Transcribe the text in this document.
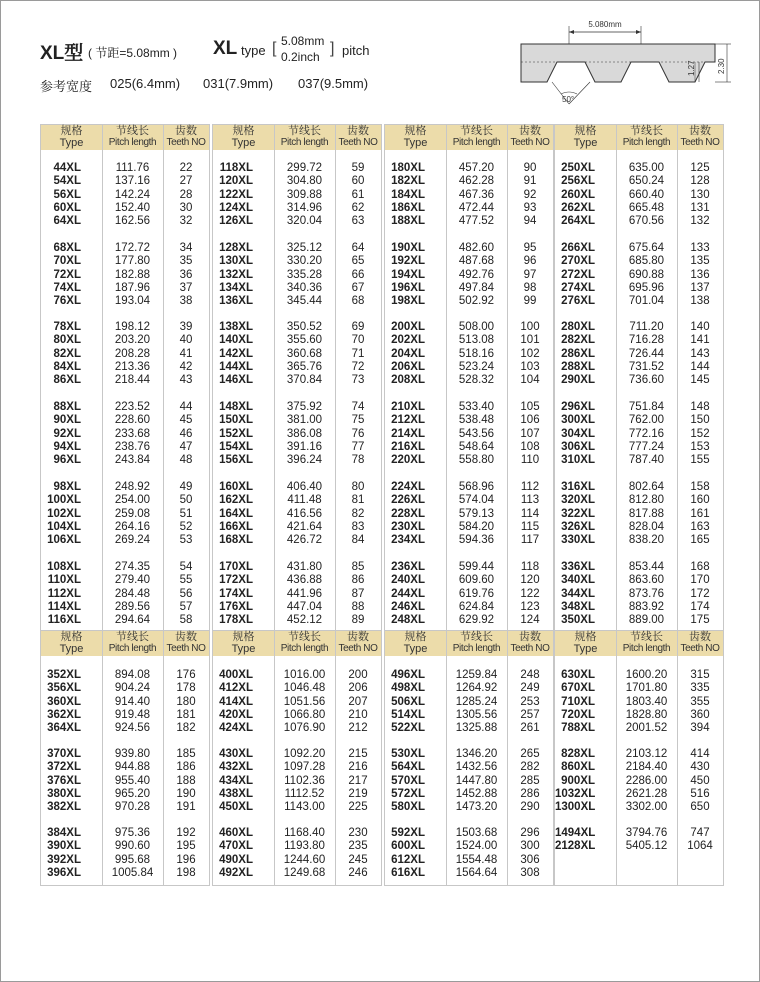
XL型 ( 节距=5.08mm ) XL type [ 5.08mm
0.2inch ] pitch
参考宽度 025(6.4mm) 031(7.9mm) 037(9.5mm)
5.080mm
1.27	2.30
50°
规格
Type
节线长
Pitch length
齿数
Teeth NO
44XL	111.76	22
54XL	137.16	27
56XL	142.24	28
60XL	152.40	30
64XL	162.56	32
68XL	172.72	34
70XL	177.80	35
72XL	182.88	36
74XL	187.96	37
76XL	193.04	38
78XL	198.12	39
80XL	203.20	40
82XL	208.28	41
84XL	213.36	42
86XL	218.44	43
88XL	223.52	44
90XL	228.60	45
92XL	233.68	46
94XL	238.76	47
96XL	243.84	48
98XL	248.92	49
100XL	254.00	50
102XL	259.08	51
104XL	264.16	52
106XL	269.24	53
108XL	274.35	54
110XL	279.40	55
112XL	284.48	56
114XL	289.56	57
116XL	294.64	58
规格
Type
节线长
Pitch length
齿数
Teeth NO
118XL	299.72	59
120XL	304.80	60
122XL	309.88	61
124XL	314.96	62
126XL	320.04	63
128XL	325.12	64
130XL	330.20	65
132XL	335.28	66
134XL	340.36	67
136XL	345.44	68
138XL	350.52	69
140XL	355.60	70
142XL	360.68	71
144XL	365.76	72
146XL	370.84	73
148XL	375.92	74
150XL	381.00	75
152XL	386.08	76
154XL	391.16	77
156XL	396.24	78
160XL	406.40	80
162XL	411.48	81
164XL	416.56	82
166XL	421.64	83
168XL	426.72	84
170XL	431.80	85
172XL	436.88	86
174XL	441.96	87
176XL	447.04	88
178XL	452.12	89
规格
Type
节线长
Pitch length
齿数
Teeth NO
180XL	457.20	90
182XL	462.28	91
184XL	467.36	92
186XL	472.44	93
188XL	477.52	94
190XL	482.60	95
192XL	487.68	96
194XL	492.76	97
196XL	497.84	98
198XL	502.92	99
200XL	508.00	100
202XL	513.08	101
204XL	518.16	102
206XL	523.24	103
208XL	528.32	104
210XL	533.40	105
212XL	538.48	106
214XL	543.56	107
216XL	548.64	108
220XL	558.80	110
224XL	568.96	112
226XL	574.04	113
228XL	579.13	114
230XL	584.20	115
234XL	594.36	117
236XL	599.44	118
240XL	609.60	120
244XL	619.76	122
246XL	624.84	123
248XL	629.92	124
规格
Type
节线长
Pitch length
齿数
Teeth NO
250XL	635.00	125
256XL	650.24	128
260XL	660.40	130
262XL	665.48	131
264XL	670.56	132
266XL	675.64	133
270XL	685.80	135
272XL	690.88	136
274XL	695.96	137
276XL	701.04	138
280XL	711.20	140
282XL	716.28	141
286XL	726.44	143
288XL	731.52	144
290XL	736.60	145
296XL	751.84	148
300XL	762.00	150
304XL	772.16	152
306XL	777.24	153
310XL	787.40	155
316XL	802.64	158
320XL	812.80	160
322XL	817.88	161
326XL	828.04	163
330XL	838.20	165
336XL	853.44	168
340XL	863.60	170
344XL	873.76	172
348XL	883.92	174
350XL	889.00	175
规格
Type
节线长
Pitch length
齿数
Teeth NO
352XL	894.08	176
356XL	904.24	178
360XL	914.40	180
362XL	919.48	181
364XL	924.56	182
370XL	939.80	185
372XL	944.88	186
376XL	955.40	188
380XL	965.20	190
382XL	970.28	191
384XL	975.36	192
390XL	990.60	195
392XL	995.68	196
396XL	1005.84	198
规格
Type
节线长
Pitch length
齿数
Teeth NO
400XL	1016.00	200
412XL	1046.48	206
414XL	1051.56	207
420XL	1066.80	210
424XL	1076.90	212
430XL	1092.20	215
432XL	1097.28	216
434XL	1102.36	217
438XL	1112.52	219
450XL	1143.00	225
460XL	1168.40	230
470XL	1193.80	235
490XL	1244.60	245
492XL	1249.68	246
规格
Type
节线长
Pitch length
齿数
Teeth NO
496XL	1259.84	248
498XL	1264.92	249
506XL	1285.24	253
514XL	1305.56	257
522XL	1325.88	261
530XL	1346.20	265
564XL	1432.56	282
570XL	1447.80	285
572XL	1452.88	286
580XL	1473.20	290
592XL	1503.68	296
600XL	1524.00	300
612XL	1554.48	306
616XL	1564.64	308
规格
Type
节线长
Pitch length
齿数
Teeth NO
630XL	1600.20	315
670XL	1701.80	335
710XL	1803.40	355
720XL	1828.80	360
788XL	2001.52	394
828XL	2103.12	414
860XL	2184.40	430
900XL	2286.00	450
1032XL	2621.28	516
1300XL	3302.00	650
1494XL	3794.76	747
2128XL	5405.12	1064
